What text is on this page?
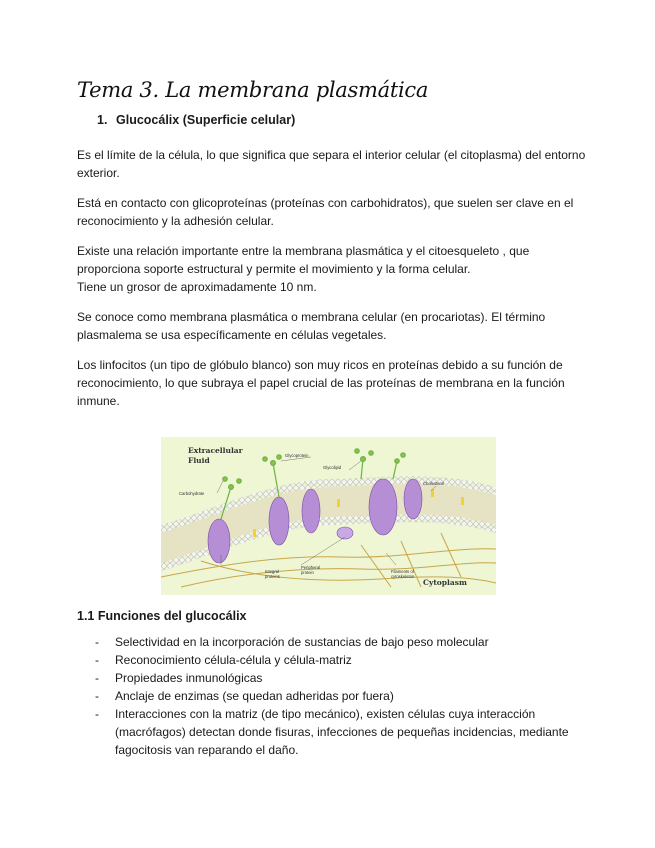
Tema 3. La membrana plasmática
1. Glucocálix (Superficie celular)

Es el límite de la célula, lo que significa que separa el interior celular (el citoplasma) del entorno
exterior.

Está en contacto con glicoproteínas (proteínas con carbohidratos), que suelen ser clave en el
reconocimiento y la adhesión celular.

Existe una relación importante entre la membrana plasmática y el citoesqueleto , que
proporciona soporte estructural y permite el movimiento y la forma celular.
Tiene un grosor de aproximadamente 10 nm.

Se conoce como membrana plasmática o membrana celular (en procariotas). El término
plasmalema se usa específicamente en células vegetales.

Los linfocitos (un tipo de glóbulo blanco) son muy ricos en proteínas debido a su función de
reconocimiento, lo que subraya el papel crucial de las proteínas de membrana en la función
inmune.

Extracellular
Fluid
Glycoprotein
Glycolipid
Carbohydrate
Cholesterol
Integral
proteins
Peripheral
protein	Filaments of
cytoskeleton
Cytoplasm
1.1 Funciones del glucocálix
- Selectividad en la incorporación de sustancias de bajo peso molecular
- Reconocimiento célula-célula y célula-matriz
- Propiedades inmunológicas
- Anclaje de enzimas (se quedan adheridas por fuera)
- Interacciones con la matriz (de tipo mecánico), existen células cuya interacción
(macrófagos) detectan donde fisuras, infecciones de pequeñas incidencias, mediante
fagocitosis van reparando el daño.
